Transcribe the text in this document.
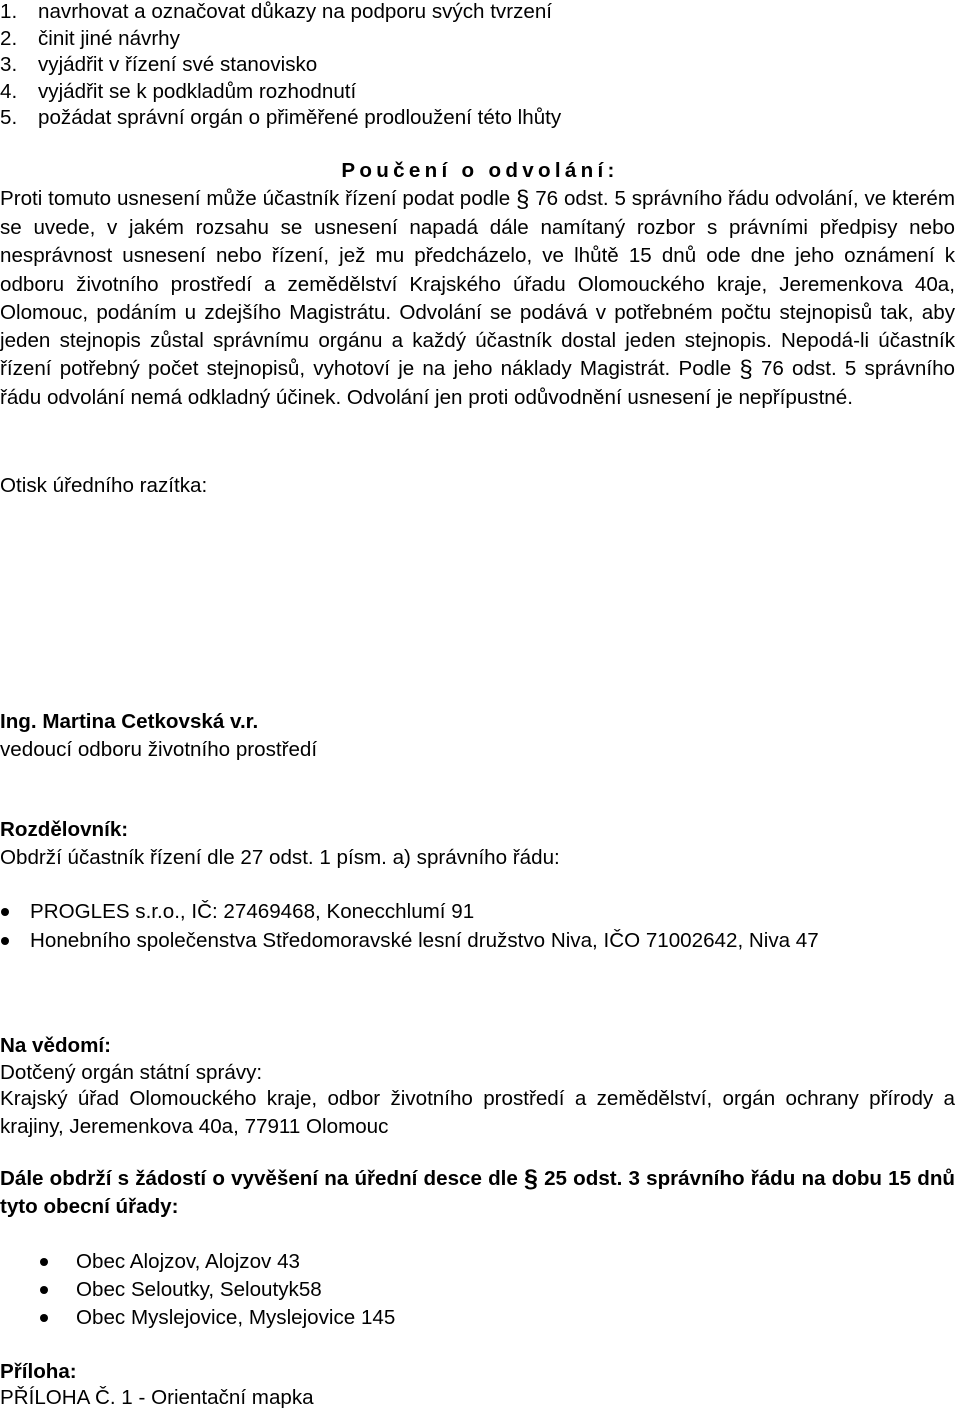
1.	navrhovat a označovat důkazy na podporu svých tvrzení
2.	činit jiné návrhy
3.	vyjádřit v řízení své stanovisko
4.	vyjádřit se k podkladům rozhodnutí
5.	požádat správní orgán o přiměřené prodloužení této lhůty
Poučení o odvolání:

Proti tomuto usnesení může účastník řízení podat podle § 76 odst. 5 správního řádu odvolání, ve kterém se uvede, v jakém rozsahu se usnesení napadá dále namítaný rozbor s právními předpisy nebo nesprávnost usnesení nebo řízení, jež mu předcházelo, ve lhůtě 15 dnů ode dne jeho oznámení k odboru životního prostředí a zemědělství Krajského úřadu Olomouckého kraje, Jeremenkova 40a, Olomouc, podáním u zdejšího Magistrátu. Odvolání se podává v potřebném počtu stejnopisů tak, aby jeden stejnopis zůstal správnímu orgánu a každý účastník dostal jeden stejnopis. Nepodá-li účastník řízení potřebný počet stejnopisů, vyhotoví je na jeho náklady Magistrát. Podle § 76 odst. 5 správního řádu odvolání nemá odkladný účinek. Odvolání jen proti odůvodnění usnesení je nepřípustné.

Otisk úředního razítka:
Ing. Martina Cetkovská v.r.
vedoucí odboru životního prostředí
Rozdělovník:
Obdrží účastník řízení dle 27 odst. 1 písm. a) správního řádu:
PROGLES s.r.o., IČ: 27469468, Konecchlumí 91
Honebního společenstva Středomoravské lesní družstvo Niva, IČO 71002642, Niva 47
Na vědomí:
Dotčený orgán státní správy:

Krajský úřad Olomouckého kraje, odbor životního prostředí a zemědělství, orgán ochrany přírody a krajiny, Jeremenkova 40a, 77911 Olomouc

Dále obdrží s žádostí o vyvěšení na úřední desce dle § 25 odst. 3 správního řádu na dobu 15 dnů tyto obecní úřady:

Obec Alojzov, Alojzov 43
Obec Seloutky, Seloutyk58
Obec Myslejovice, Myslejovice 145
Příloha:
PŘÍLOHA Č. 1 - Orientační mapka
